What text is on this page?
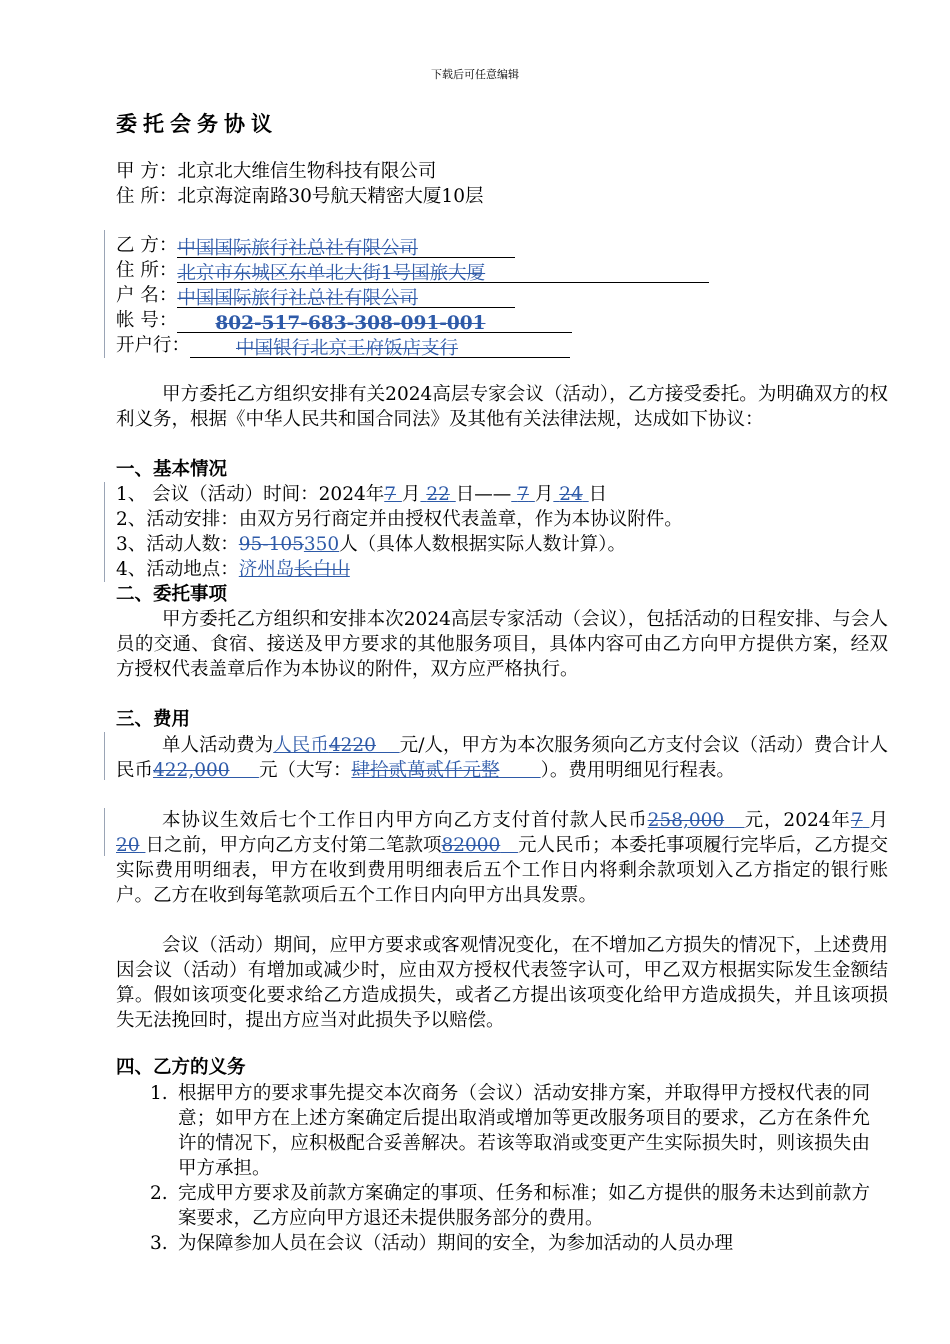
下载后可任意编辑
委托会务协议
甲 方：北京北大维信生物科技有限公司
住 所：北京海淀南路30号航天精密大厦10层
乙 方：中国国际旅行社总社有限公司
住 所：北京市东城区东单北大街1号国旅大厦
户 名：中国国际旅行社总社有限公司
帐 号： 802-517-683-308-091-001
开户行： 中国银行北京王府饭店支行
甲方委托乙方组织安排有关2024高层专家会议（活动），乙方接受委托。为明确双方的权利义务，根据《中华人民共和国合同法》及其他有关法律法规，达成如下协议：
一、基本情况
1、 会议（活动）时间：2024年7 月 22 日—— 7 月 24 日
2、活动安排：由双方另行商定并由授权代表盖章，作为本协议附件。
3、活动人数：95-105350人（具体人数根据实际人数计算）。
4、活动地点：济州岛长白山
二、委托事项
甲方委托乙方组织和安排本次2024高层专家活动（会议），包括活动的日程安排、与会人员的交通、食宿、接送及甲方要求的其他服务项目，具体内容可由乙方向甲方提供方案，经双方授权代表盖章后作为本协议的附件，双方应严格执行。
三、费用
单人活动费为人民币4220 元/人，甲方为本次服务须向乙方支付会议（活动）费合计人民币422,000 元（大写：肆拾贰萬贰仟元整 ）。费用明细见行程表。
本协议生效后七个工作日内甲方向乙方支付首付款人民币258,000 元，2024年7 月20 日之前，甲方向乙方支付第二笔款项82000 元人民币；本委托事项履行完毕后，乙方提交实际费用明细表，甲方在收到费用明细表后五个工作日内将剩余款项划入乙方指定的银行账户。乙方在收到每笔款项后五个工作日内向甲方出具发票。
会议（活动）期间，应甲方要求或客观情况变化，在不增加乙方损失的情况下，上述费用因会议（活动）有增加或减少时，应由双方授权代表签字认可，甲乙双方根据实际发生金额结算。假如该项变化要求给乙方造成损失，或者乙方提出该项变化给甲方造成损失，并且该项损失无法挽回时，提出方应当对此损失予以赔偿。
四、乙方的义务
1. 根据甲方的要求事先提交本次商务（会议）活动安排方案，并取得甲方授权代表的同意；如甲方在上述方案确定后提出取消或增加等更改服务项目的要求，乙方在条件允许的情况下，应积极配合妥善解决。若该等取消或变更产生实际损失时，则该损失由甲方承担。
2. 完成甲方要求及前款方案确定的事项、任务和标准；如乙方提供的服务未达到前款方案要求，乙方应向甲方退还未提供服务部分的费用。
3. 为保障参加人员在会议（活动）期间的安全，为参加活动的人员办理
